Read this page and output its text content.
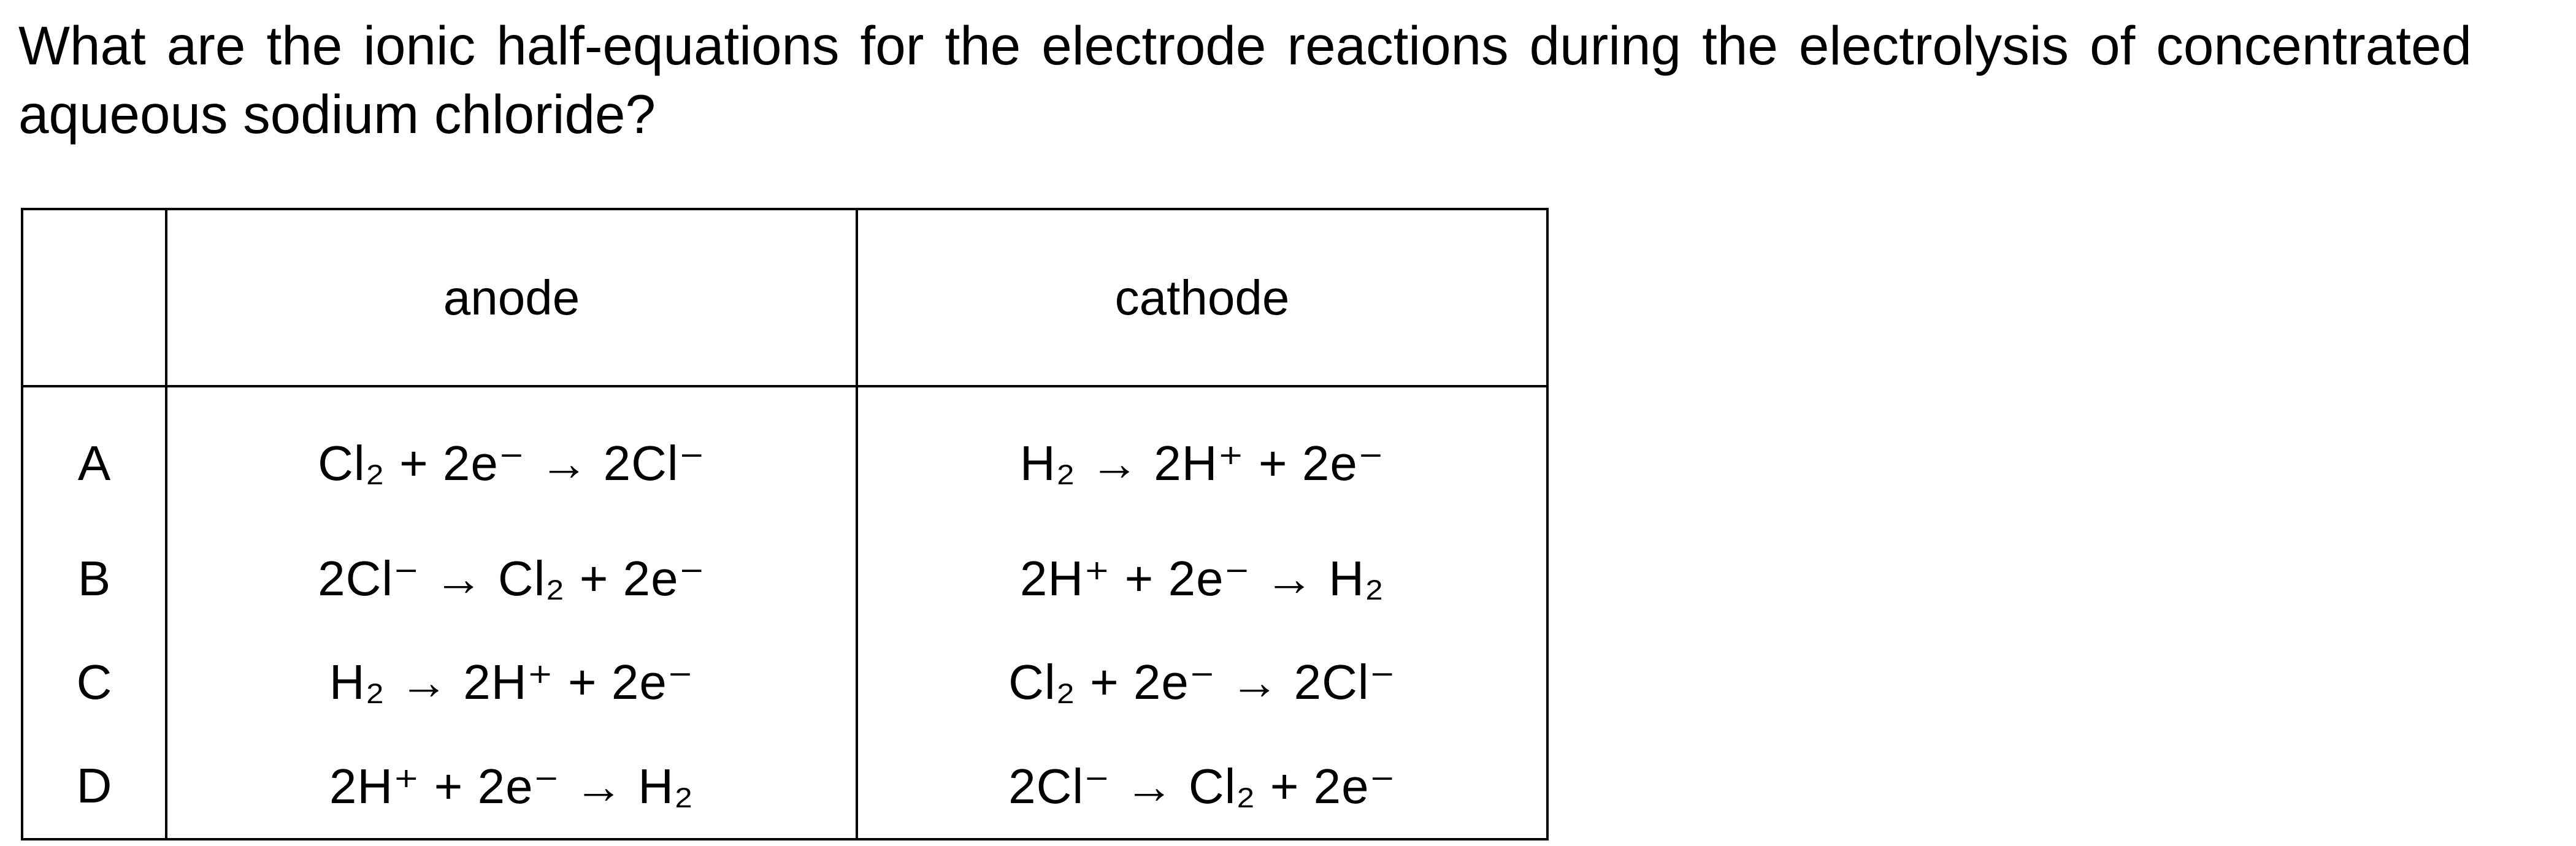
What are the ionic half-equations for the electrode reactions during the electrolysis of concentrated aqueous sodium chloride?

	anode	cathode
A	Cl₂ + 2e⁻ → 2Cl⁻	H₂ → 2H⁺ + 2e⁻
B	2Cl⁻ → Cl₂ + 2e⁻	2H⁺ + 2e⁻ → H₂
C	H₂ → 2H⁺ + 2e⁻	Cl₂ + 2e⁻ → 2Cl⁻
D	2H⁺ + 2e⁻ → H₂	2Cl⁻ → Cl₂ + 2e⁻
